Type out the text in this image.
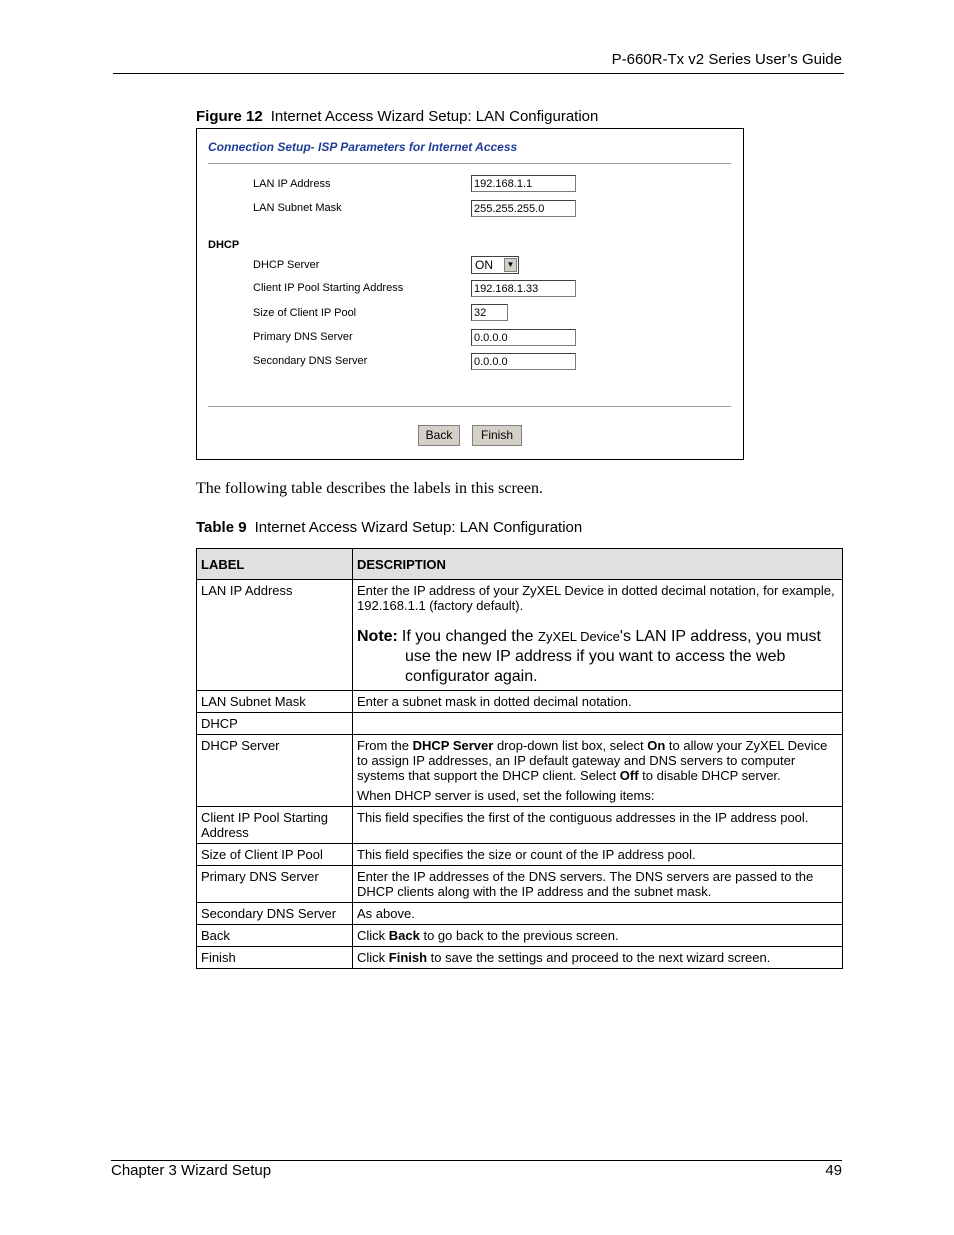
P-660R-Tx v2 Series User’s Guide
Figure 12 Internet Access Wizard Setup: LAN Configuration
Connection Setup- ISP Parameters for Internet Access
LAN IP Address	192.168.1.1
LAN Subnet Mask	255.255.255.0
DHCP
DHCP Server	ON	▼
Client IP Pool Starting Address	192.168.1.33
Size of Client IP Pool	32
Primary DNS Server	0.0.0.0
Secondary DNS Server	0.0.0.0
Back	Finish
The following table describes the labels in this screen.
Table 9 Internet Access Wizard Setup: LAN Configuration
LABEL	DESCRIPTION
LAN IP Address	Enter the IP address of your ZyXEL Device in dotted decimal notation, for example, 192.168.1.1 (factory default).
Note: If you changed the ZyXEL Device's LAN IP address, you must use the new IP address if you want to access the web configurator again.

LAN Subnet Mask	Enter a subnet mask in dotted decimal notation.
DHCP	
DHCP Server	From the DHCP Server drop-down list box, select On to allow your ZyXEL Device to assign IP addresses, an IP default gateway and DNS servers to computer systems that support the DHCP client. Select Off to disable DHCP server.
When DHCP server is used, set the following items:

Client IP Pool Starting Address	This field specifies the first of the contiguous addresses in the IP address pool.
Size of Client IP Pool	This field specifies the size or count of the IP address pool.
Primary DNS Server	Enter the IP addresses of the DNS servers. The DNS servers are passed to the DHCP clients along with the IP address and the subnet mask.
Secondary DNS Server	As above.
Back	Click Back to go back to the previous screen.
Finish	Click Finish to save the settings and proceed to the next wizard screen.
Chapter 3 Wizard Setup	49
